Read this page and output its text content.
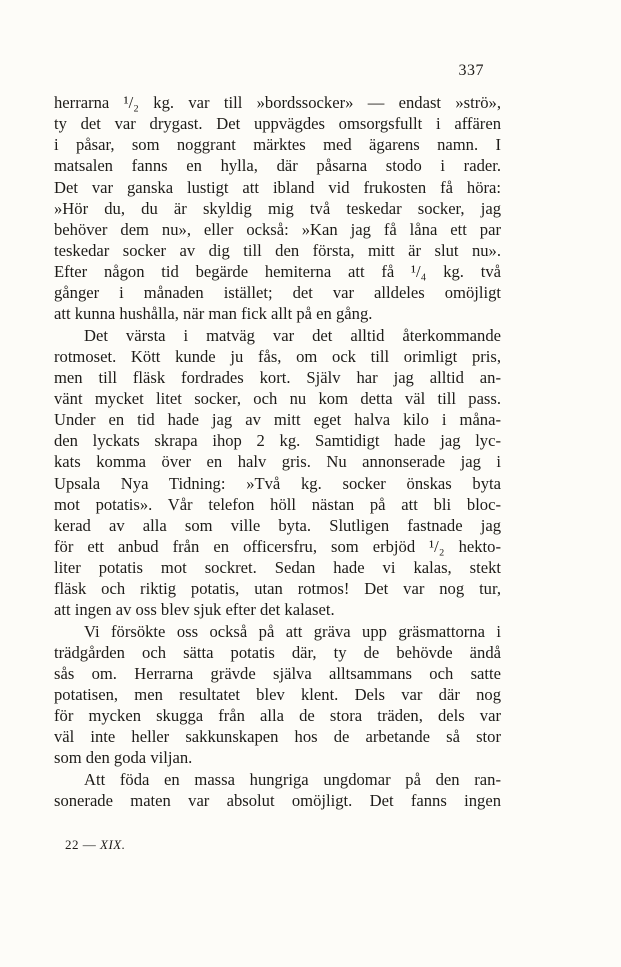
337
herrarna ¹/₂ kg. var till »bordssocker» — endast »strö»,
ty det var drygast. Det uppvägdes omsorgsfullt i affären
i påsar, som noggrant märktes med ägarens namn. I
matsalen fanns en hylla, där påsarna stodo i rader.
Det var ganska lustigt att ibland vid frukosten få höra:
»Hör du, du är skyldig mig två teskedar socker, jag
behöver dem nu», eller också: »Kan jag få låna ett par
teskedar socker av dig till den första, mitt är slut nu».
Efter någon tid begärde hemiterna att få ¹/₄ kg. två
gånger i månaden istället; det var alldeles omöjligt
att kunna hushålla, när man fick allt på en gång.
Det värsta i matväg var det alltid återkommande
rotmoset. Kött kunde ju fås, om ock till orimligt pris,
men till fläsk fordrades kort. Själv har jag alltid an-
vänt mycket litet socker, och nu kom detta väl till pass.
Under en tid hade jag av mitt eget halva kilo i måna-
den lyckats skrapa ihop 2 kg. Samtidigt hade jag lyc-
kats komma över en halv gris. Nu annonserade jag i
Upsala Nya Tidning: »Två kg. socker önskas byta
mot potatis». Vår telefon höll nästan på att bli bloc-
kerad av alla som ville byta. Slutligen fastnade jag
för ett anbud från en officersfru, som erbjöd ¹/₂ hekto-
liter potatis mot sockret. Sedan hade vi kalas, stekt
fläsk och riktig potatis, utan rotmos! Det var nog tur,
att ingen av oss blev sjuk efter det kalaset.
Vi försökte oss också på att gräva upp gräsmattorna i
trädgården och sätta potatis där, ty de behövde ändå
sås om. Herrarna grävde själva alltsammans och satte
potatisen, men resultatet blev klent. Dels var där nog
för mycken skugga från alla de stora träden, dels var
väl inte heller sakkunskapen hos de arbetande så stor
som den goda viljan.
Att föda en massa hungriga ungdomar på den ran-
sonerade maten var absolut omöjligt. Det fanns ingen
22 — XIX.
